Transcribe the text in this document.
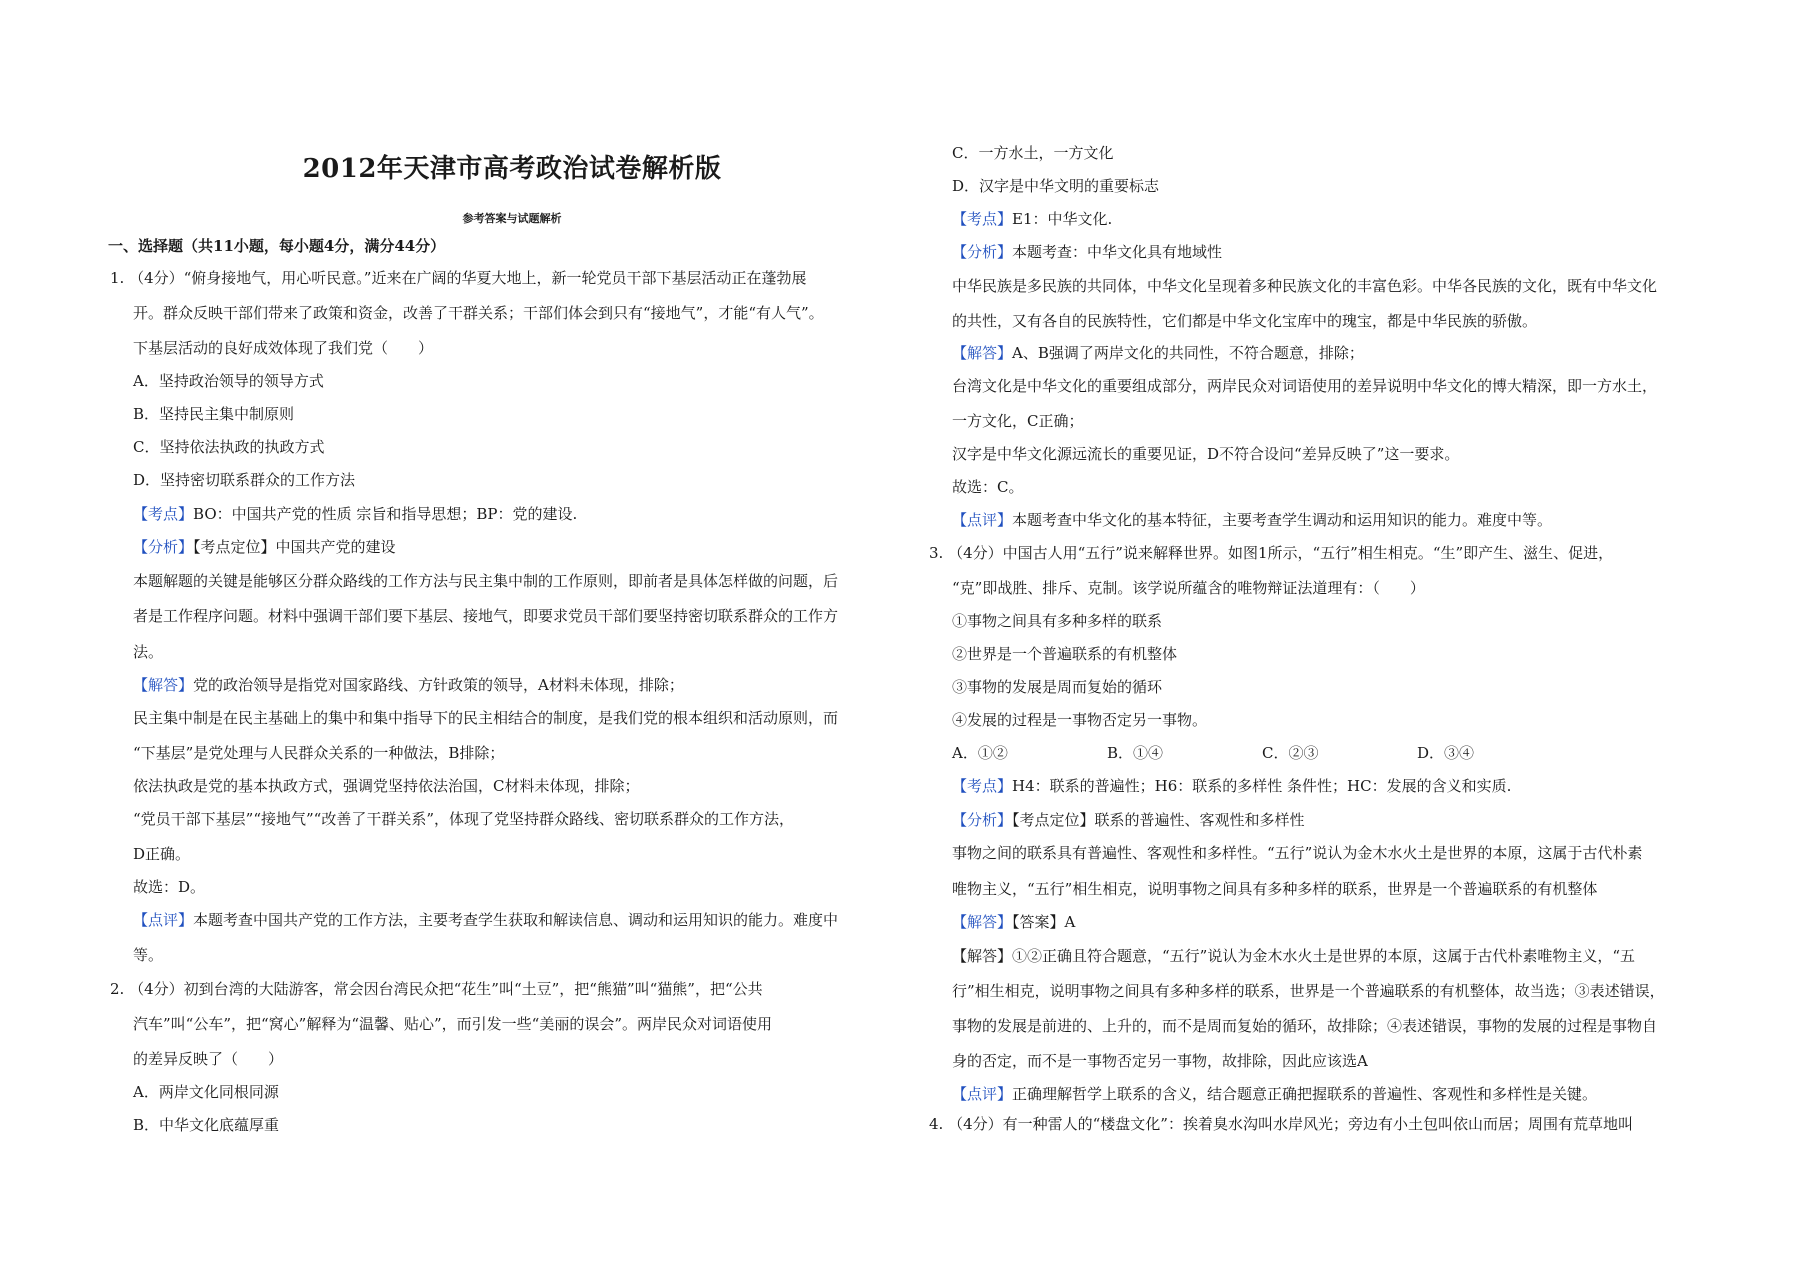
2012年天津市高考政治试卷解析版
参考答案与试题解析
一、选择题（共11小题，每小题4分，满分44分）
1. （4分）“俯身接地气，用心听民意。”近来在广阔的华夏大地上，新一轮党员干部下基层活动正在蓬勃展
开。群众反映干部们带来了政策和资金，改善了干群关系；干部们体会到只有“接地气”，才能“有人气”。
下基层活动的良好成效体现了我们党（　　）
A．坚持政治领导的领导方式
B．坚持民主集中制原则
C．坚持依法执政的执政方式
D．坚持密切联系群众的工作方法
【考点】BO：中国共产党的性质 宗旨和指导思想；BP：党的建设.
【分析】【考点定位】中国共产党的建设
本题解题的关键是能够区分群众路线的工作方法与民主集中制的工作原则，即前者是具体怎样做的问题，后
者是工作程序问题。材料中强调干部们要下基层、接地气，即要求党员干部们要坚持密切联系群众的工作方
法。
【解答】党的政治领导是指党对国家路线、方针政策的领导，A材料未体现，排除；
民主集中制是在民主基础上的集中和集中指导下的民主相结合的制度，是我们党的根本组织和活动原则，而
“下基层”是党处理与人民群众关系的一种做法，B排除；
依法执政是党的基本执政方式，强调党坚持依法治国，C材料未体现，排除；
“党员干部下基层”“接地气”“改善了干群关系”，体现了党坚持群众路线、密切联系群众的工作方法，
D正确。
故选：D。
【点评】本题考查中国共产党的工作方法，主要考查学生获取和解读信息、调动和运用知识的能力。难度中
等。
2. （4分）初到台湾的大陆游客，常会因台湾民众把“花生”叫“土豆”，把“熊猫”叫“猫熊”，把“公共
汽车”叫“公车”，把“窝心”解释为“温馨、贴心”，而引发一些“美丽的误会”。两岸民众对词语使用
的差异反映了（　　）
A．两岸文化同根同源
B．中华文化底蕴厚重
C．一方水土，一方文化
D．汉字是中华文明的重要标志
【考点】E1：中华文化.
【分析】本题考查：中华文化具有地域性
中华民族是多民族的共同体，中华文化呈现着多种民族文化的丰富色彩。中华各民族的文化，既有中华文化
的共性，又有各自的民族特性，它们都是中华文化宝库中的瑰宝，都是中华民族的骄傲。
【解答】A、B强调了两岸文化的共同性，不符合题意，排除；
台湾文化是中华文化的重要组成部分，两岸民众对词语使用的差异说明中华文化的博大精深，即一方水土，
一方文化，C正确；
汉字是中华文化源远流长的重要见证，D不符合设问“差异反映了”这一要求。
故选：C。
【点评】本题考查中华文化的基本特征，主要考查学生调动和运用知识的能力。难度中等。
3. （4分）中国古人用“五行”说来解释世界。如图1所示，“五行”相生相克。“生”即产生、滋生、促进，
“克”即战胜、排斥、克制。该学说所蕴含的唯物辩证法道理有：（　　）
①事物之间具有多种多样的联系
②世界是一个普遍联系的有机整体
③事物的发展是周而复始的循环
④发展的过程是一事物否定另一事物。
A．①②	B．①④	C．②③	D．③④
【考点】H4：联系的普遍性；H6：联系的多样性 条件性；HC：发展的含义和实质.
【分析】【考点定位】联系的普遍性、客观性和多样性
事物之间的联系具有普遍性、客观性和多样性。“五行”说认为金木水火土是世界的本原，这属于古代朴素
唯物主义，“五行”相生相克，说明事物之间具有多种多样的联系，世界是一个普遍联系的有机整体
【解答】【答案】A
【解答】①②正确且符合题意，“五行”说认为金木水火土是世界的本原，这属于古代朴素唯物主义，“五
行”相生相克，说明事物之间具有多种多样的联系，世界是一个普遍联系的有机整体，故当选；③表述错误，
事物的发展是前进的、上升的，而不是周而复始的循环，故排除；④表述错误，事物的发展的过程是事物自
身的否定，而不是一事物否定另一事物，故排除，因此应该选A
【点评】正确理解哲学上联系的含义，结合题意正确把握联系的普遍性、客观性和多样性是关键。
4. （4分）有一种雷人的“楼盘文化”：挨着臭水沟叫水岸风光；旁边有小土包叫依山而居；周围有荒草地叫
